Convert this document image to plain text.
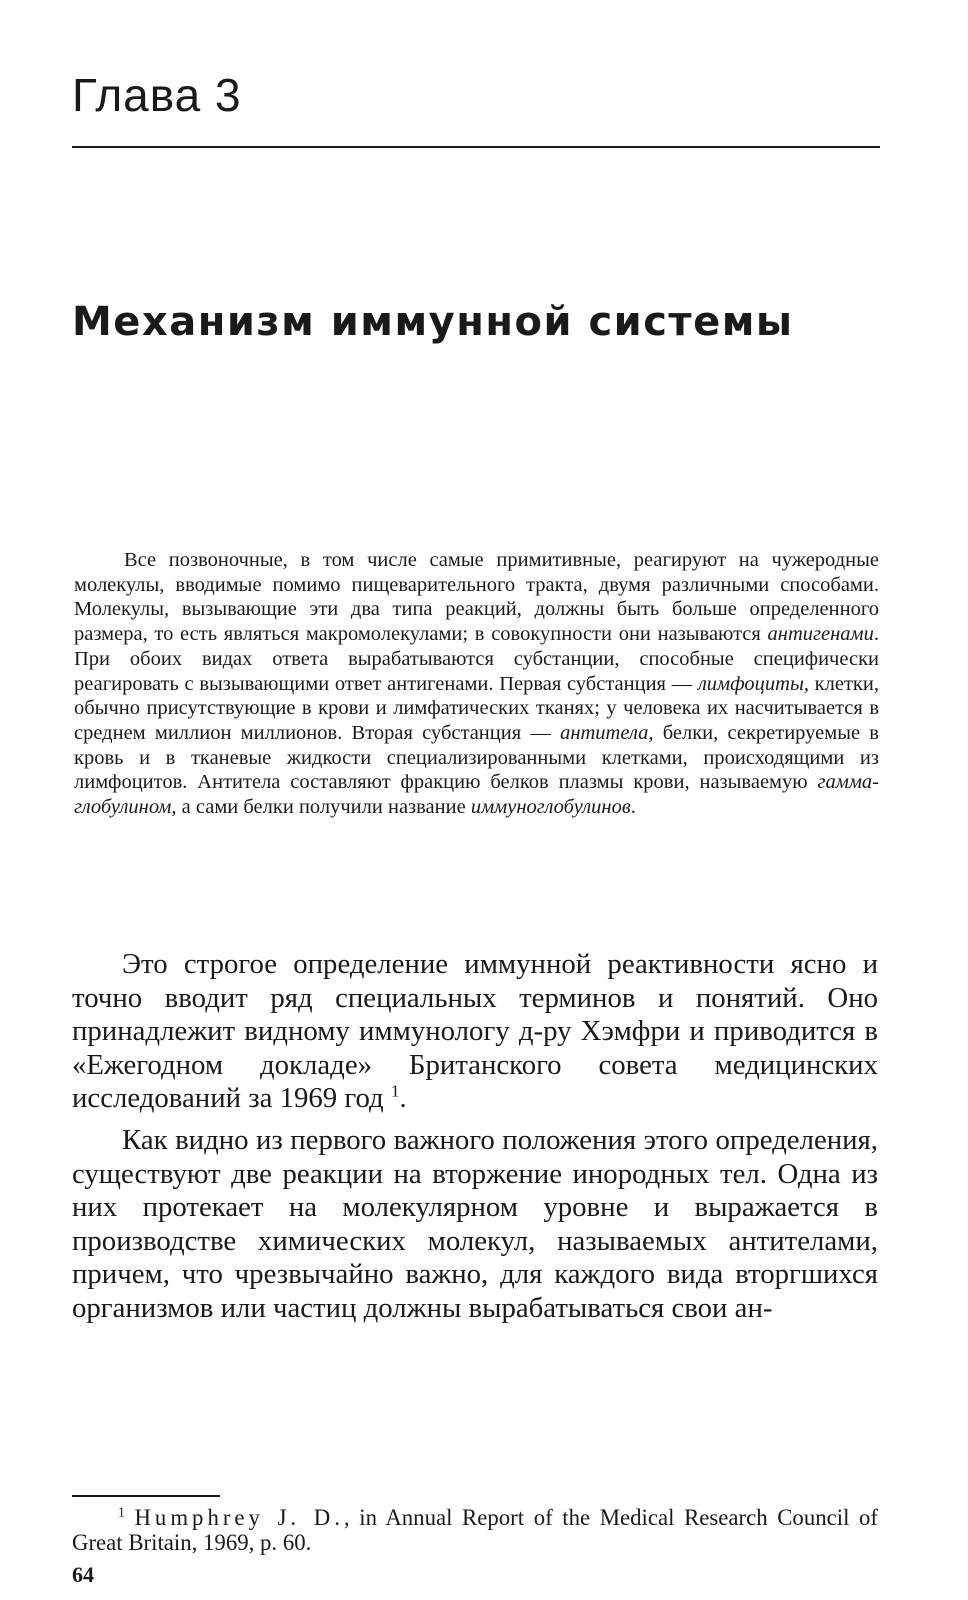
Глава 3
Механизм иммунной системы

Все позвоночные, в том числе самые примитивные, реагируют на чужеродные молекулы, вводимые помимо пищеварительного тракта, двумя различными способами. Молекулы, вызывающие эти два типа реакций, должны быть больше определенного размера, то есть являться макромолекулами; в совокупности они называются антигенами. При обоих видах ответа вырабатываются субстанции, способные специфически реагировать с вызывающими ответ антигенами. Первая субстанция — лимфоциты, клетки, обычно присутствующие в крови и лимфатических тканях; у человека их насчитывается в среднем миллион миллионов. Вторая субстанция — антитела, белки, секретируемые в кровь и в тканевые жидкости специализированными клетками, происходящими из лимфоцитов. Антитела составляют фракцию белков плазмы крови, называемую гамма-глобулином, а сами белки получили название иммуноглобулинов.

Это строгое определение иммунной реактивности ясно и точно вводит ряд специальных терминов и понятий. Оно принадлежит видному иммунологу д-ру Хэмфри и приводится в «Ежегодном докладе» Британского совета медицинских исследований за 1969 год $^1$.

Как видно из первого важного положения этого определения, существуют две реакции на вторжение инородных тел. Одна из них протекает на молекулярном уровне и выражается в производстве химических молекул, называемых антителами, причем, что чрезвычайно важно, для каждого вида вторгшихся организмов или частиц должны вырабатываться свои ан-

$^1$ Humphrey J. D., in Annual Report of the Medical Research Council of Great Britain, 1969, p. 60.

64
